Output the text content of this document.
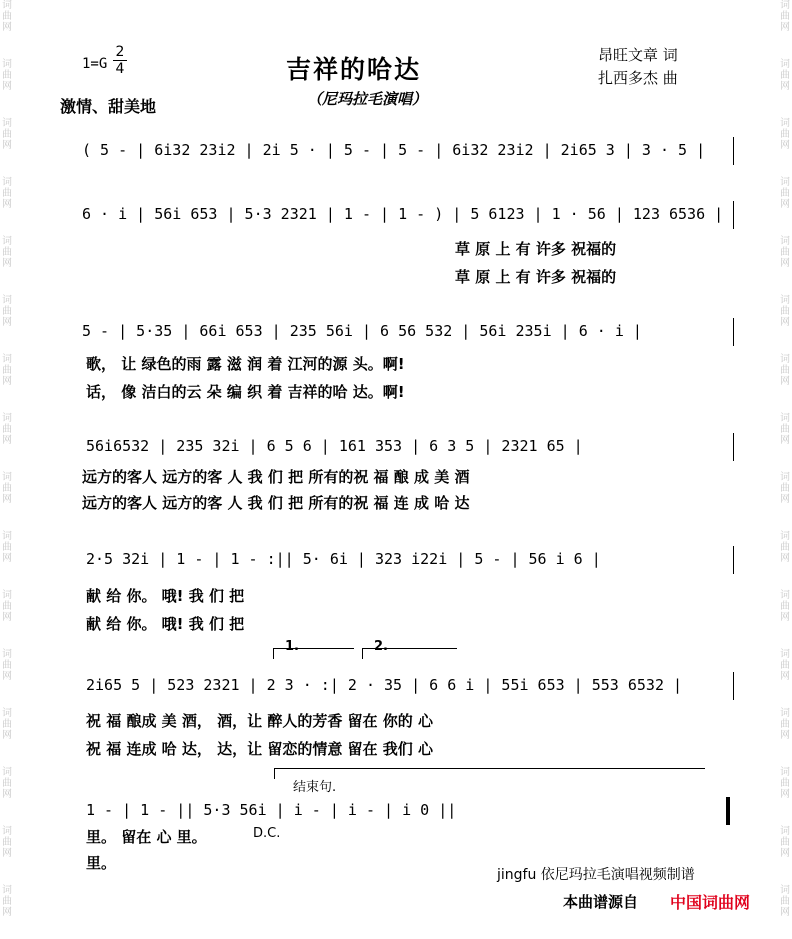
词
曲
网
词
曲
网
词
曲
网
词
曲
网
词
曲
网
词
曲
网
词
曲
网
词
曲
网
词
曲
网
词
曲
网
词
曲
网
词
曲
网
词
曲
网
词
曲
网
词
曲
网
词
曲
网
词
曲
网
词
曲
网
词
曲
网
词
曲
网
词
曲
网
词
曲
网
词
曲
网
词
曲
网
词
曲
网
词
曲
网
词
曲
网
词
曲
网
词
曲
网
词
曲
网
词
曲
网
词
曲
网
$1=G \frac{2}{4}$	吉祥的哈达
（尼玛拉毛演唱）
昂旺文章 词
扎西多杰 曲
激情、甜美地
( 5 - | 6i32 23i2 | 2i 5 · | 5 - | 5 - | 6i32 23i2 | 2i65 3 | 3 · 5 |
6 · i | 56i 653 | 5·3 2321 | 1 - | 1 - ) | 5 6123 | 1 · 56 | 123 6536 |
草 原 上 有 许多 祝福的
草 原 上 有 许多 祝福的
5 - | 5·35 | 66i 653 | 235 56i | 6 56 532 | 56i 235i | 6 · i |
歌， 让 绿色的雨 露 滋 润 着 江河的源 头。啊!
话， 像 洁白的云 朵 编 织 着 吉祥的哈 达。啊!
56i6532 | 235 32i | 6 5 6 | 161 353 | 6 3 5 | 2321 65 |
远方的客人 远方的客 人 我 们 把 所有的祝 福 酿 成 美 酒
远方的客人 远方的客 人 我 们 把 所有的祝 福 连 成 哈 达
2·5 32i | 1 - | 1 - :|| 5· 6i | 323 i22i | 5 - | 56 i 6 |
献 给 你。 哦! 我 们 把
献 给 你。 哦! 我 们 把
1.	2.
2i65 5 | 523 2321 | 2 3 · :| 2 · 35 | 6 6 i | 55i 653 | 553 6532 |
祝 福 酿成 美 酒， 酒，让 醉人的芳香 留在 你的 心
祝 福 连成 哈 达， 达，让 留恋的情意 留在 我们 心
结束句.
1 - | 1 - || 5·3 56i | i - | i - | i 0 ||
D.C.
里。 留在 心 里。
里。
jingfu 依尼玛拉毛演唱视频制谱
本曲谱源自 中国词曲网
